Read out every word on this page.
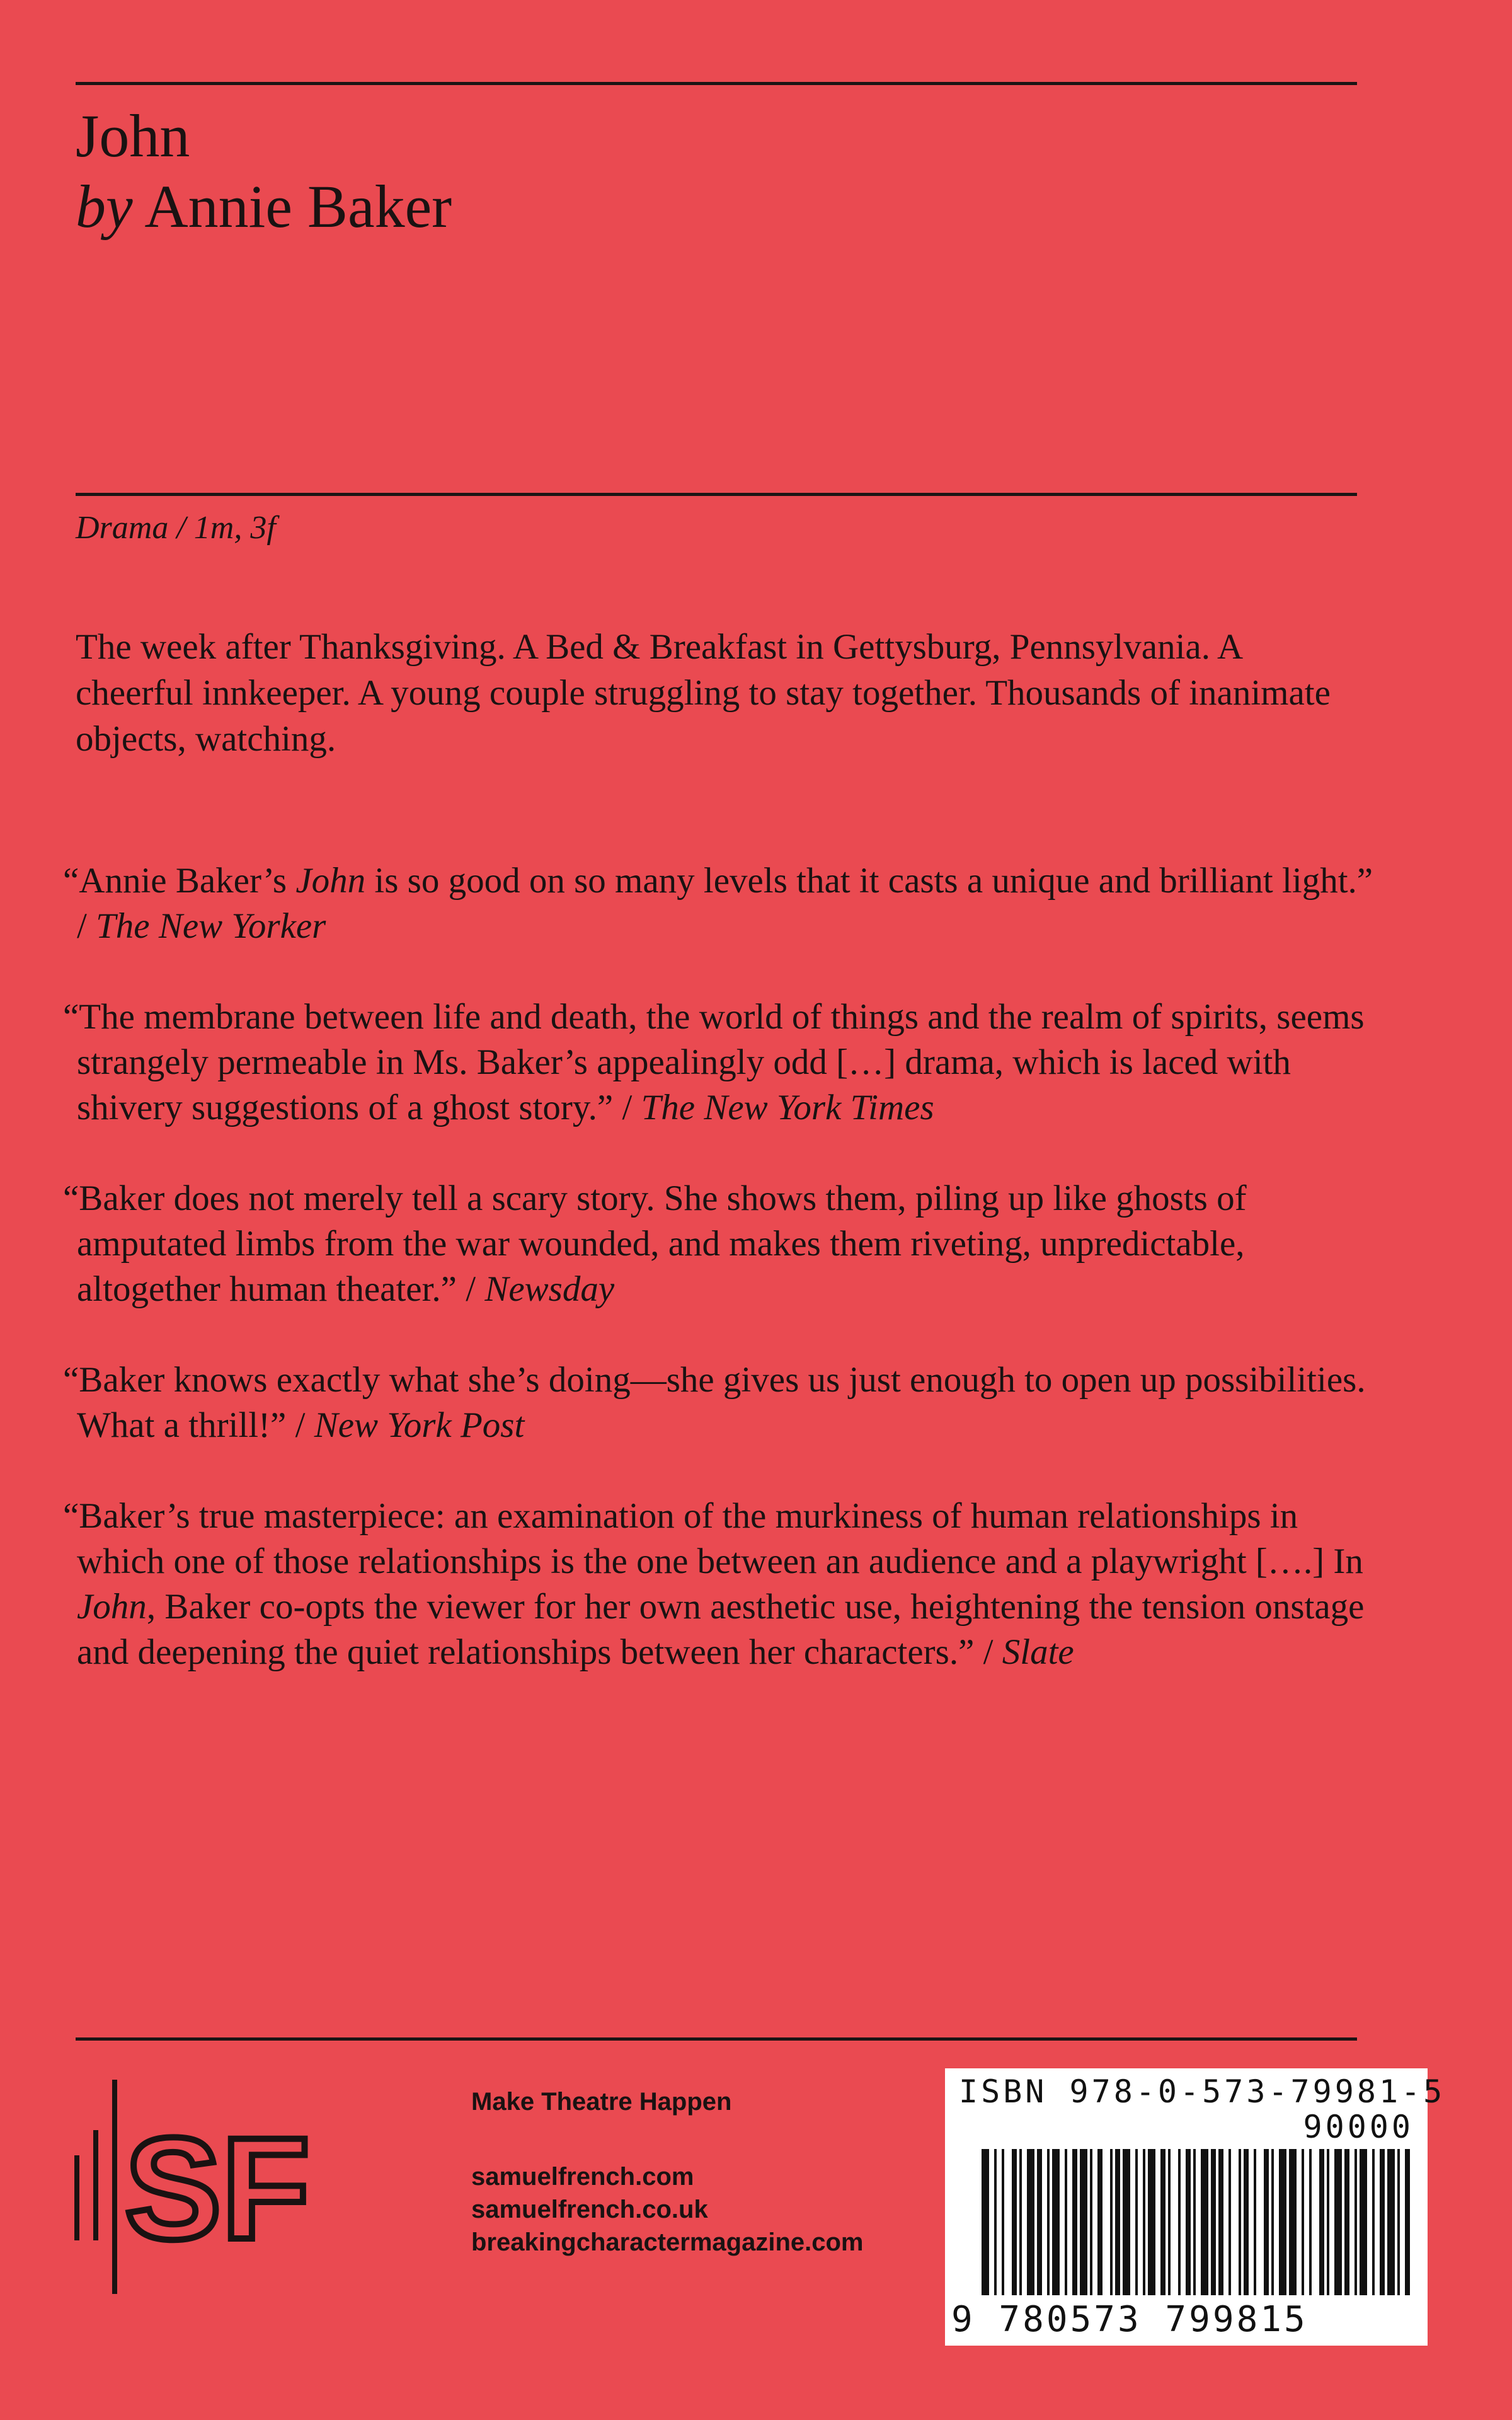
John
by Annie Baker
Drama / 1m, 3f

The week after Thanksgiving. A Bed & Breakfast in Gettysburg, Pennsylvania. A cheerful innkeeper. A young couple struggling to stay together. Thousands of inanimate objects, watching.

“Annie Baker’s John is so good on so many levels that it casts a unique and brilliant light.” / The New Yorker

“The membrane between life and death, the world of things and the realm of spirits, seems strangely permeable in Ms. Baker’s appealingly odd […] drama, which is laced with shivery suggestions of a ghost story.” / The New York Times

“Baker does not merely tell a scary story. She shows them, piling up like ghosts of amputated limbs from the war wounded, and makes them riveting, unpredictable, altogether human theater.” / Newsday

“Baker knows exactly what she’s doing—she gives us just enough to open up possibilities. What a thrill!” / New York Post

“Baker’s true masterpiece: an examination of the murkiness of human relationships in which one of those relationships is the one between an audience and a playwright [….] In John, Baker co-opts the viewer for her own aesthetic use, heightening the tension onstage and deepening the quiet relationships between her characters.” / Slate

SF

Make Theatre Happen

samuelfrench.com

samuelfrench.co.uk

breakingcharactermagazine.com

ISBN 978-0-573-79981-5
90000
9 780573 799815
